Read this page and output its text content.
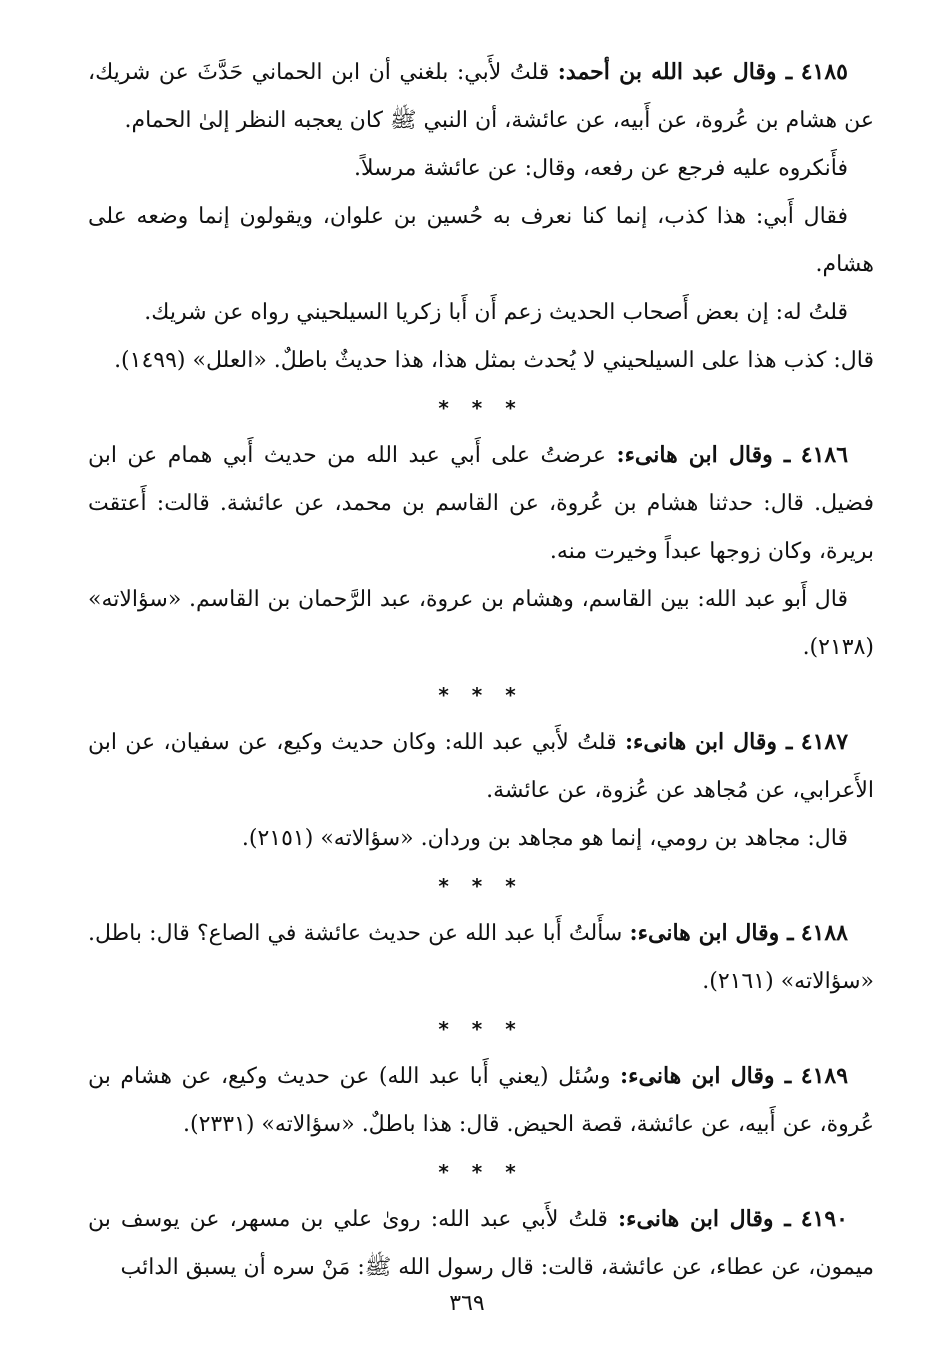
٤١٨٥ ـ وقال عبد الله بن أحمد: قلتُ لأَبي: بلغني أن ابن الحماني حَدَّثَ عن شريك، عن هشام بن عُروة، عن أَبيه، عن عائشة، أن النبي ﷺ كان يعجبه النظر إلىٰ الحمام.

فأَنكروه عليه فرجع عن رفعه، وقال: عن عائشة مرسلاً.

فقال أَبي: هذا كذب، إنما كنا نعرف به حُسين بن علوان، ويقولون إنما وضعه على هشام.

قلتُ له: إن بعض أَصحاب الحديث زعم أَن أَبا زكريا السيلحيني رواه عن شريك.

قال: كذب هذا على السيلحيني لا يُحدث بمثل هذا، هذا حديثٌ باطلٌ. «العلل» (١٤٩٩).

* * *

٤١٨٦ ـ وقال ابن هانىء: عرضتُ على أَبي عبد الله من حديث أَبي همام عن ابن فضيل. قال: حدثنا هشام بن عُروة، عن القاسم بن محمد، عن عائشة. قالت: أَعتقت بريرة، وكان زوجها عبداً وخيرت منه.

قال أَبو عبد الله: بين القاسم، وهشام بن عروة، عبد الرَّحمان بن القاسم. «سؤالاته» (٢١٣٨).

* * *

٤١٨٧ ـ وقال ابن هانىء: قلتُ لأَبي عبد الله: وكان حديث وكيع، عن سفيان، عن ابن الأَعرابي، عن مُجاهد عن عُزوة، عن عائشة.

قال: مجاهد بن رومي، إنما هو مجاهد بن وردان. «سؤالاته» (٢١٥١).

* * *

٤١٨٨ ـ وقال ابن هانىء: سأَلتُ أَبا عبد الله عن حديث عائشة في الصاع؟ قال: باطل. «سؤالاته» (٢١٦١).

* * *

٤١٨٩ ـ وقال ابن هانىء: وسُئل (يعني أَبا عبد الله) عن حديث وكيع، عن هشام بن عُروة، عن أَبيه، عن عائشة، قصة الحيض. قال: هذا باطلٌ. «سؤالاته» (٢٣٣١).

* * *

٤١٩٠ ـ وقال ابن هانىء: قلتُ لأَبي عبد الله: روىٰ علي بن مسهر، عن يوسف بن ميمون، عن عطاء، عن عائشة، قالت: قال رسول الله ﷺ: مَنْ سره أن يسبق الدائب

٣٦٩
